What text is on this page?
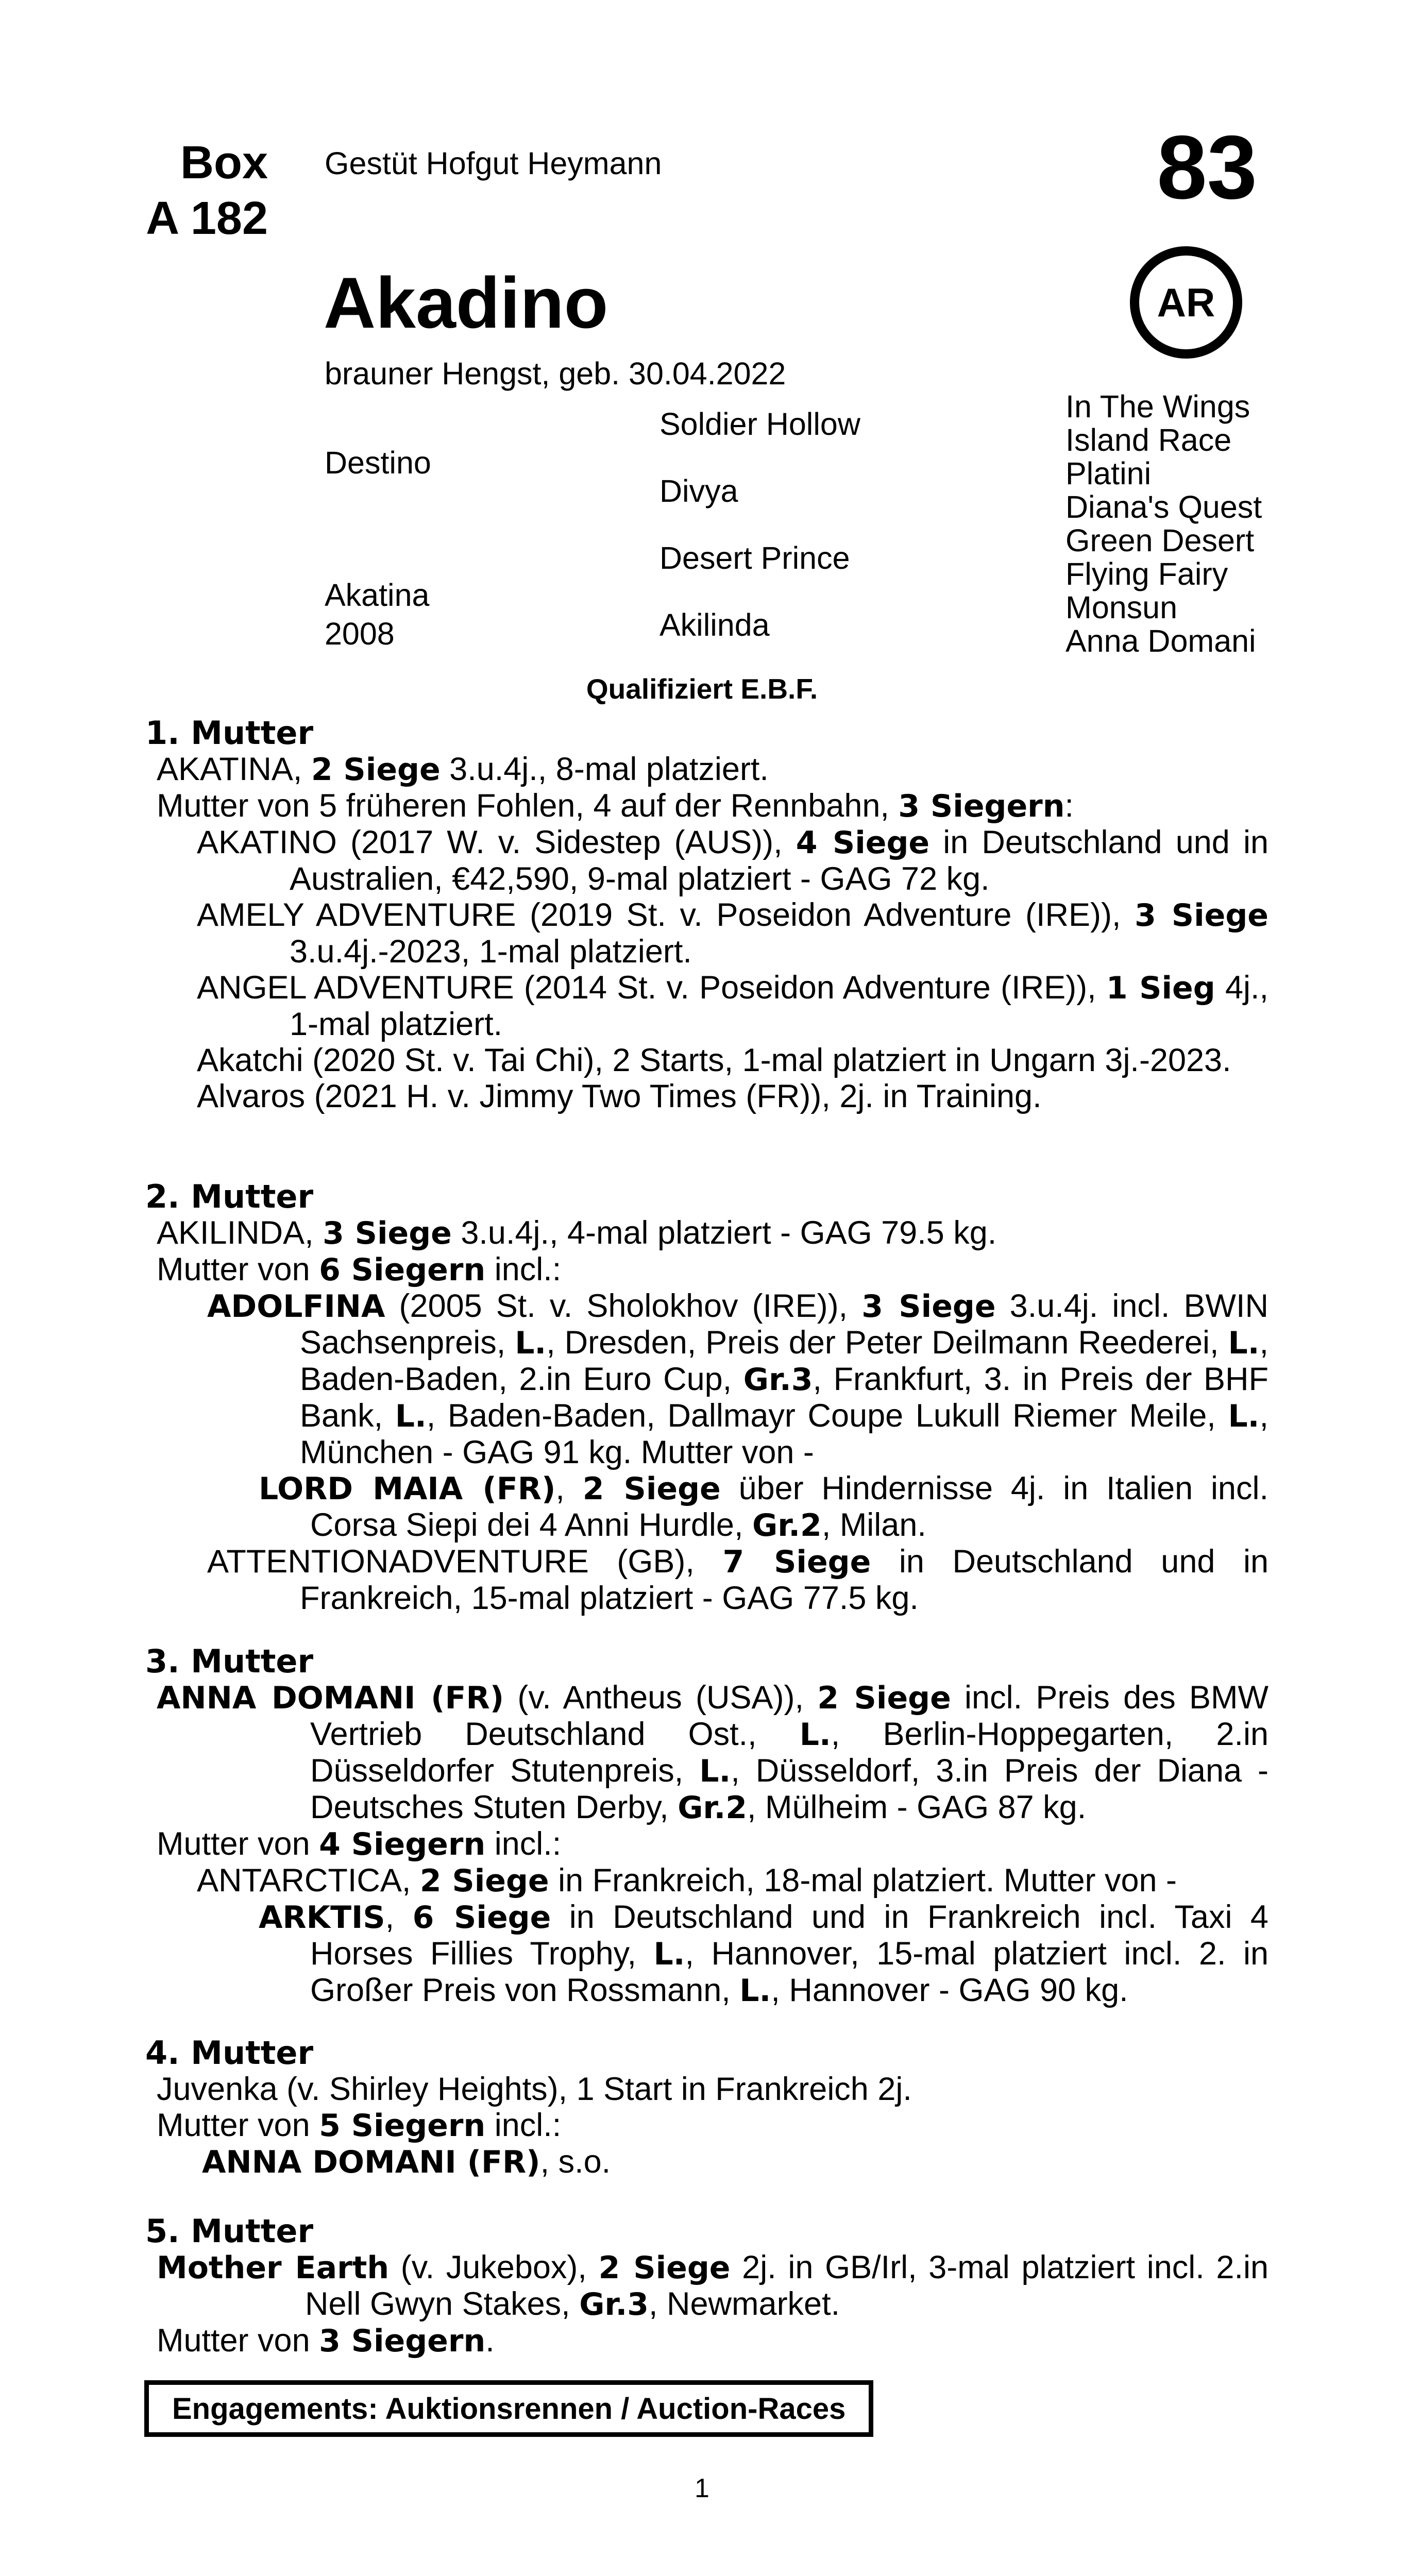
Box
A 182
Gestüt Hofgut Heymann	83
AR
Akadino
brauner Hengst, geb. 30.04.2022
Destino
Akatina
2008
Soldier Hollow
Divya
Desert Prince
Akilinda
In The Wings
Island Race
Platini
Diana's Quest
Green Desert
Flying Fairy
Monsun
Anna Domani
Qualifiziert E.B.F.
1. Mutter
AKATINA, 2 Siege 3.u.4j., 8-mal platziert.
Mutter von 5 früheren Fohlen, 4 auf der Rennbahn, 3 Siegern:
AKATINO (2017 W. v. Sidestep (AUS)), 4 Siege in Deutschland und in Australien, €42,590, 9-mal platziert - GAG 72 kg.
AMELY ADVENTURE (2019 St. v. Poseidon Adventure (IRE)), 3 Siege 3.u.4j.-2023, 1-mal platziert.
ANGEL ADVENTURE (2014 St. v. Poseidon Adventure (IRE)), 1 Sieg 4j., 1-mal platziert.
Akatchi (2020 St. v. Tai Chi), 2 Starts, 1-mal platziert in Ungarn 3j.-2023.
Alvaros (2021 H. v. Jimmy Two Times (FR)), 2j. in Training.
2. Mutter
AKILINDA, 3 Siege 3.u.4j., 4-mal platziert - GAG 79.5 kg.
Mutter von 6 Siegern incl.:
ADOLFINA (2005 St. v. Sholokhov (IRE)), 3 Siege 3.u.4j. incl. BWIN Sachsenpreis, L., Dresden, Preis der Peter Deilmann Reederei, L., Baden-Baden, 2.in Euro Cup, Gr.3, Frankfurt, 3. in Preis der BHF Bank, L., Baden-Baden, Dallmayr Coupe Lukull Riemer Meile, L., München - GAG 91 kg. Mutter von -
LORD MAIA (FR), 2 Siege über Hindernisse 4j. in Italien incl. Corsa Siepi dei 4 Anni Hurdle, Gr.2, Milan.
ATTENTIONADVENTURE (GB), 7 Siege in Deutschland und in Frankreich, 15-mal platziert - GAG 77.5 kg.
3. Mutter
ANNA DOMANI (FR) (v. Antheus (USA)), 2 Siege incl. Preis des BMW Vertrieb Deutschland Ost., L., Berlin-Hoppegarten, 2.in Düsseldorfer Stutenpreis, L., Düsseldorf, 3.in Preis der Diana - Deutsches Stuten Derby, Gr.2, Mülheim - GAG 87 kg.
Mutter von 4 Siegern incl.:
ANTARCTICA, 2 Siege in Frankreich, 18-mal platziert. Mutter von -
ARKTIS, 6 Siege in Deutschland und in Frankreich incl. Taxi 4 Horses Fillies Trophy, L., Hannover, 15-mal platziert incl. 2. in Großer Preis von Rossmann, L., Hannover - GAG 90 kg.
4. Mutter
Juvenka (v. Shirley Heights), 1 Start in Frankreich 2j.
Mutter von 5 Siegern incl.:
ANNA DOMANI (FR), s.o.
5. Mutter
Mother Earth (v. Jukebox), 2 Siege 2j. in GB/Irl, 3-mal platziert incl. 2.in Nell Gwyn Stakes, Gr.3, Newmarket.
Mutter von 3 Siegern.
Engagements: Auktionsrennen / Auction-Races
1
